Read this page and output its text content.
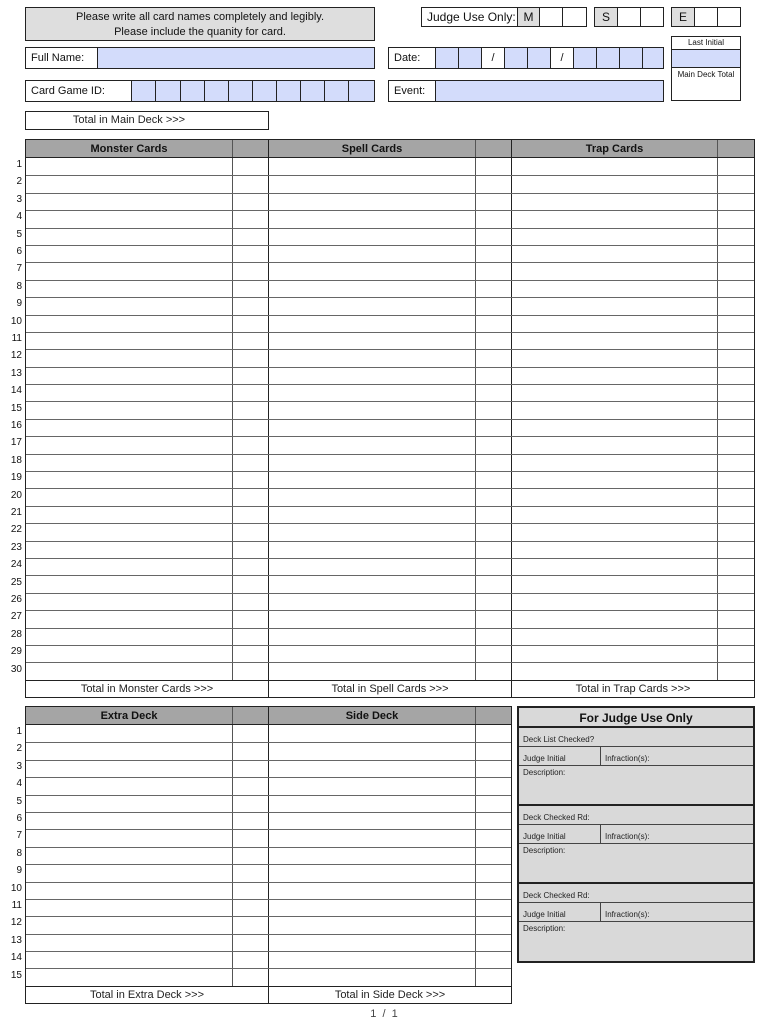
Please write all card names completely and legibly.
Please include the quanity for card.
Judge Use Only: M	S	E
Last Initial
Main Deck Total
Full Name:	Date:	/	/
Card Game ID:	Event:
Total in Main Deck >>>
1
2
3
4
5
6
7
8
9
10
11
12
13
14
15
16
17
18
19
20
21
22
23
24
25
26
27
28
29
30
Monster Cards	Spell Cards	Trap Cards
Total in Monster Cards >>>	Total in Spell Cards >>>	Total in Trap Cards >>>
1
2
3
4
5
6
7
8
9
10
11
12
13
14
15
Extra Deck	Side Deck
Total in Extra Deck >>>	Total in Side Deck >>>
For Judge Use Only
Deck List Checked?
Judge Initial	Infraction(s):
Description:
Deck Checked Rd:
Judge Initial	Infraction(s):
Description:
Deck Checked Rd:
Judge Initial	Infraction(s):
Description:
1  /  1
